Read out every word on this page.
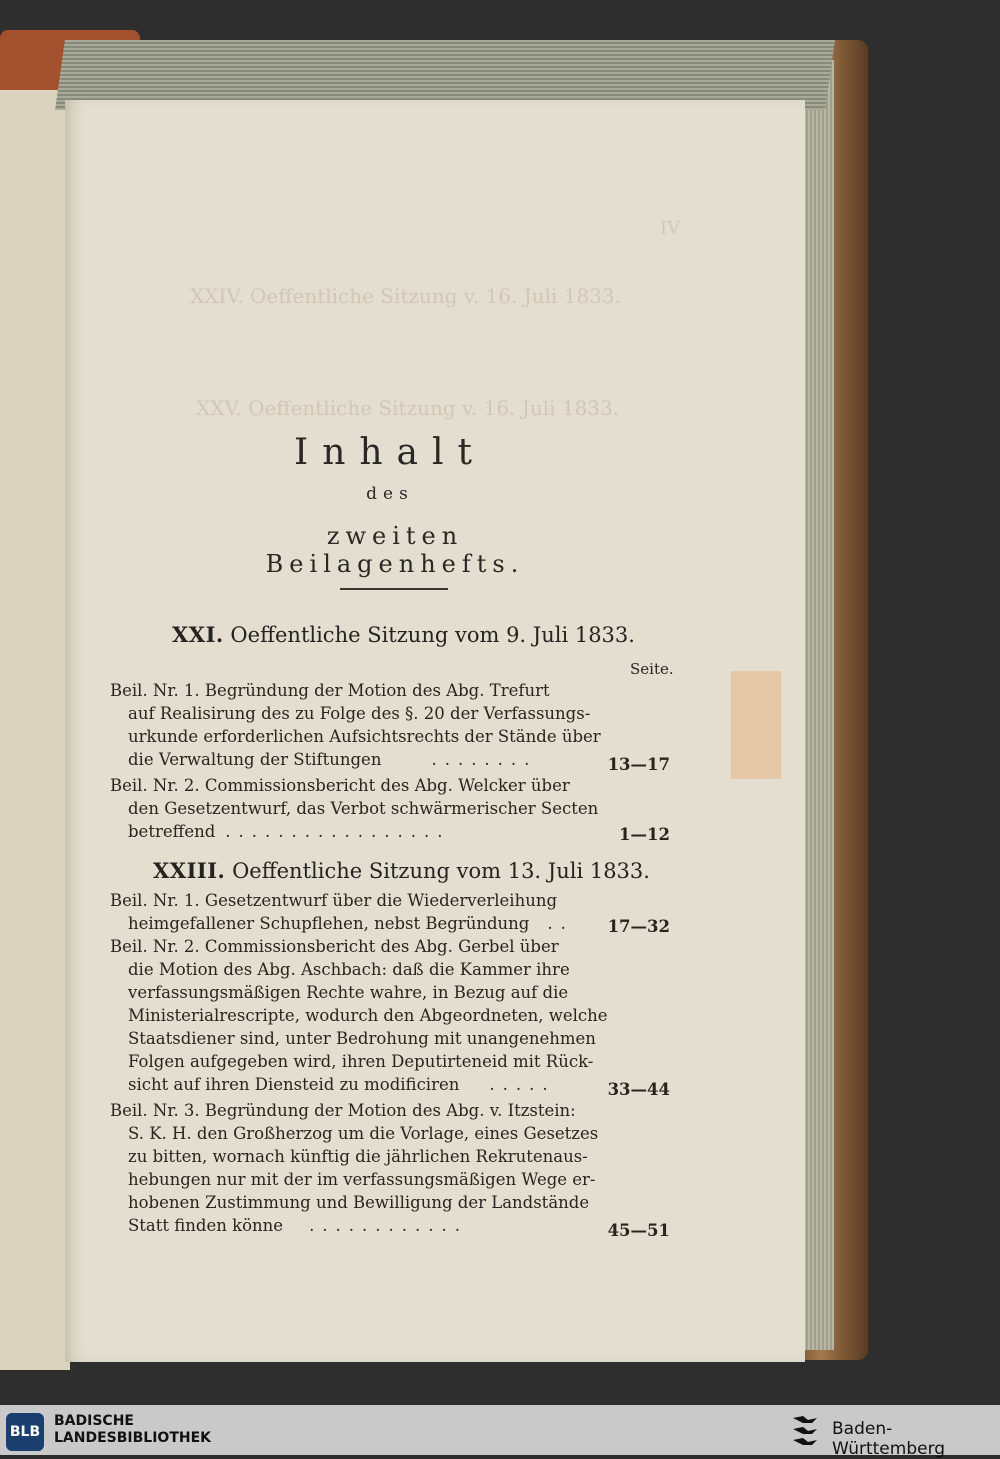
IV
XXIV. Oeffentliche Sitzung v. 16. Juli 1833.
XXV. Oeffentliche Sitzung v. 16. Juli 1833.
Inhalt
des
zweiten Beilagenhefts.
XXI. Oeffentliche Sitzung vom 9. Juli 1833.
Seite.
Beil. Nr. 1. Begründung der Motion des Abg. Trefurt
auf Realisirung des zu Folge des §. 20 der Verfassungs-
urkunde erforderlichen Aufsichtsrechts der Stände über
die Verwaltung der Stiftungen	........	13—17
Beil. Nr. 2. Commissionsbericht des Abg. Welcker über
den Gesetzentwurf, das Verbot schwärmerischer Secten
betreffend .................	1—12
XXIII. Oeffentliche Sitzung vom 13. Juli 1833.
Beil. Nr. 1. Gesetzentwurf über die Wiederverleihung
heimgefallener Schupflehen, nebst Begründung ..	17—32
Beil. Nr. 2. Commissionsbericht des Abg. Gerbel über
die Motion des Abg. Aschbach: daß die Kammer ihre
verfassungsmäßigen Rechte wahre, in Bezug auf die
Ministerialrescripte, wodurch den Abgeordneten, welche
Staatsdiener sind, unter Bedrohung mit unangenehmen
Folgen aufgegeben wird, ihren Deputirteneid mit Rück-
sicht auf ihren Diensteid zu modificiren .....	33—44
Beil. Nr. 3. Begründung der Motion des Abg. v. Itzstein:
S. K. H. den Großherzog um die Vorlage, eines Gesetzes
zu bitten, wornach künftig die jährlichen Rekrutenaus-
hebungen nur mit der im verfassungsmäßigen Wege er-
hobenen Zustimmung und Bewilligung der Landstände
Statt finden könne ............	45—51
BLB
BADISCHE
LANDESBIBLIOTHEK	Baden-Württemberg
